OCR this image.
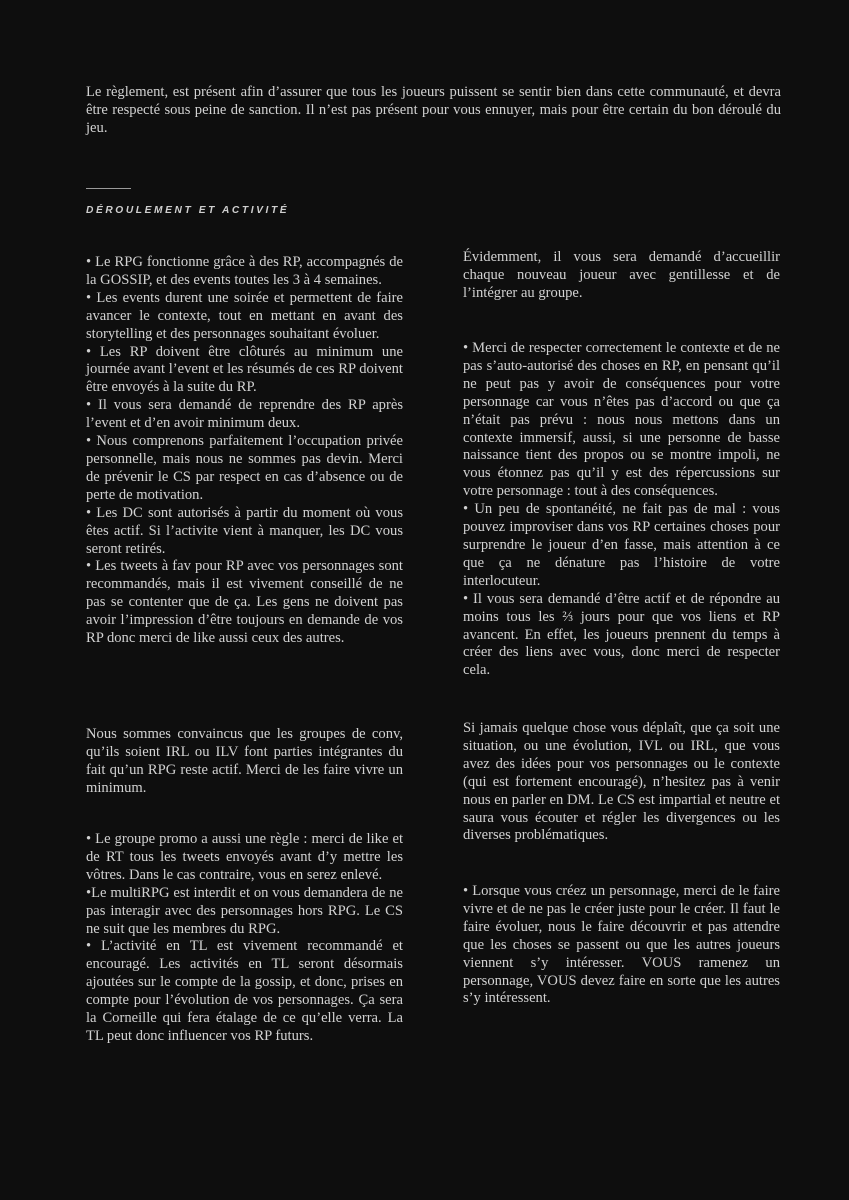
Le règlement, est présent afin d’assurer que tous les joueurs puissent se sentir bien dans cette communauté, et devra être respecté sous peine de sanction. Il n’est pas présent pour vous ennuyer, mais pour être certain du bon déroulé du jeu.

DÉROULEMENT ET ACTIVITÉ

• Le RPG fonctionne grâce à des RP, accompagnés de la GOSSIP, et des events toutes les 3 à 4 semaines.

• Les events durent une soirée et permettent de faire avancer le contexte, tout en mettant en avant des storytelling et des personnages souhaitant évoluer.

• Les RP doivent être clôturés au minimum une journée avant l’event et les résumés de ces RP doivent être envoyés à la suite du RP.

• Il vous sera demandé de reprendre des RP après l’event et d’en avoir minimum deux.

• Nous comprenons parfaitement l’occupation privée personnelle, mais nous ne sommes pas devin. Merci de prévenir le CS par respect en cas d’absence ou de perte de motivation.

• Les DC sont autorisés à partir du moment où vous êtes actif. Si l’activite vient à manquer, les DC vous seront retirés.

• Les tweets à fav pour RP avec vos personnages sont recommandés, mais il est vivement conseillé de ne pas se contenter que de ça. Les gens ne doivent pas avoir l’impression d’être toujours en demande de vos RP donc merci de like aussi ceux des autres.

Nous sommes convaincus que les groupes de conv, qu’ils soient IRL ou ILV font parties intégrantes du fait qu’un RPG reste actif. Merci de les faire vivre un minimum.

• Le groupe promo a aussi une règle : merci de like et de RT tous les tweets envoyés avant d’y mettre les vôtres. Dans le cas contraire, vous en serez enlevé.

•Le multiRPG est interdit et on vous demandera de ne pas interagir avec des personnages hors RPG. Le CS ne suit que les membres du RPG.

• L’activité en TL est vivement recommandé et encouragé. Les activités en TL seront désormais ajoutées sur le compte de la gossip, et donc, prises en compte pour l’évolution de vos personnages. Ça sera la Corneille qui fera étalage de ce qu’elle verra. La TL peut donc influencer vos RP futurs.

Évidemment, il vous sera demandé d’accueillir chaque nouveau joueur avec gentillesse et de l’intégrer au groupe.

• Merci de respecter correctement le contexte et de ne pas s’auto-autorisé des choses en RP, en pensant qu’il ne peut pas y avoir de conséquences pour votre personnage car vous n’êtes pas d’accord ou que ça n’était pas prévu : nous nous mettons dans un contexte immersif, aussi, si une personne de basse naissance tient des propos ou se montre impoli, ne vous étonnez pas qu’il y est des répercussions sur votre personnage : tout à des conséquences.

• Un peu de spontanéité, ne fait pas de mal : vous pouvez improviser dans vos RP certaines choses pour surprendre le joueur d’en fasse, mais attention à ce que ça ne dénature pas l’histoire de votre interlocuteur.

• Il vous sera demandé d’être actif et de répondre au moins tous les ⅔ jours pour que vos liens et RP avancent. En effet, les joueurs prennent du temps à créer des liens avec vous, donc merci de respecter cela.

Si jamais quelque chose vous déplaît, que ça soit une situation, ou une évolution, IVL ou IRL, que vous avez des idées pour vos personnages ou le contexte (qui est fortement encouragé), n’hesitez pas à venir nous en parler en DM. Le CS est impartial et neutre et saura vous écouter et régler les divergences ou les diverses problématiques.

• Lorsque vous créez un personnage, merci de le faire vivre et de ne pas le créer juste pour le créer. Il faut le faire évoluer, nous le faire découvrir et pas attendre que les choses se passent ou que les autres joueurs viennent s’y intéresser. VOUS ramenez un personnage, VOUS devez faire en sorte que les autres s’y intéressent.
